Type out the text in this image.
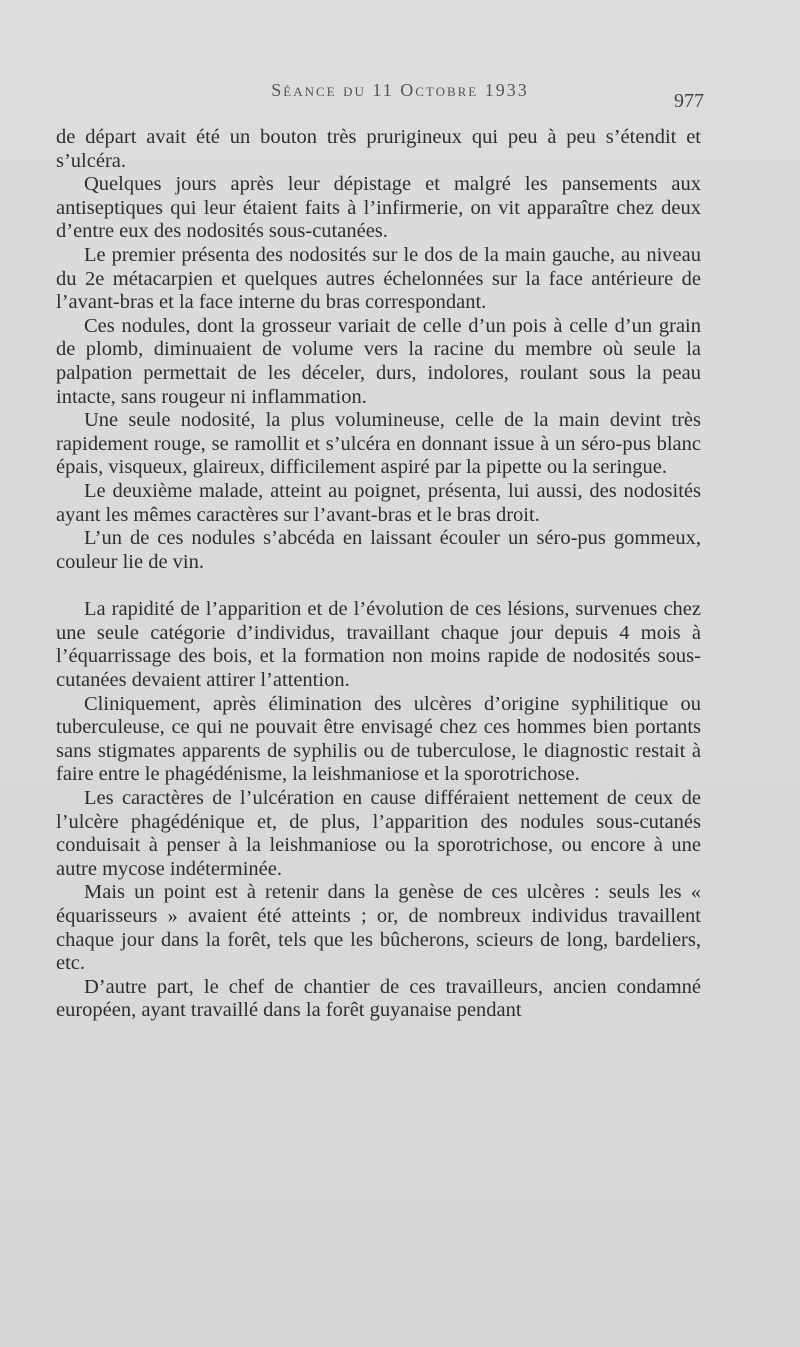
Séance du 11 Octobre 1933	977

de départ avait été un bouton très prurigineux qui peu à peu s’étendit et s’ulcéra.

Quelques jours après leur dépistage et malgré les pansements aux antiseptiques qui leur étaient faits à l’infirmerie, on vit apparaître chez deux d’entre eux des nodosités sous-cutanées.

Le premier présenta des nodosités sur le dos de la main gauche, au niveau du 2e métacarpien et quelques autres échelonnées sur la face antérieure de l’avant-bras et la face interne du bras correspondant.

Ces nodules, dont la grosseur variait de celle d’un pois à celle d’un grain de plomb, diminuaient de volume vers la racine du membre où seule la palpation permettait de les déceler, durs, indolores, roulant sous la peau intacte, sans rougeur ni inflammation.

Une seule nodosité, la plus volumineuse, celle de la main devint très rapidement rouge, se ramollit et s’ulcéra en donnant issue à un séro-pus blanc épais, visqueux, glaireux, difficilement aspiré par la pipette ou la seringue.

Le deuxième malade, atteint au poignet, présenta, lui aussi, des nodosités ayant les mêmes caractères sur l’avant-bras et le bras droit.

L’un de ces nodules s’abcéda en laissant écouler un séro-pus gommeux, couleur lie de vin.

La rapidité de l’apparition et de l’évolution de ces lésions, survenues chez une seule catégorie d’individus, travaillant chaque jour depuis 4 mois à l’équarrissage des bois, et la formation non moins rapide de nodosités sous-cutanées devaient attirer l’attention.

Cliniquement, après élimination des ulcères d’origine syphilitique ou tuberculeuse, ce qui ne pouvait être envisagé chez ces hommes bien portants sans stigmates apparents de syphilis ou de tuberculose, le diagnostic restait à faire entre le phagédénisme, la leishmaniose et la sporotrichose.

Les caractères de l’ulcération en cause différaient nettement de ceux de l’ulcère phagédénique et, de plus, l’apparition des nodules sous-cutanés conduisait à penser à la leishmaniose ou la sporotrichose, ou encore à une autre mycose indéterminée.

Mais un point est à retenir dans la genèse de ces ulcères : seuls les « équarisseurs » avaient été atteints ; or, de nombreux individus travaillent chaque jour dans la forêt, tels que les bûcherons, scieurs de long, bardeliers, etc.

D’autre part, le chef de chantier de ces travailleurs, ancien condamné européen, ayant travaillé dans la forêt guyanaise pendant
